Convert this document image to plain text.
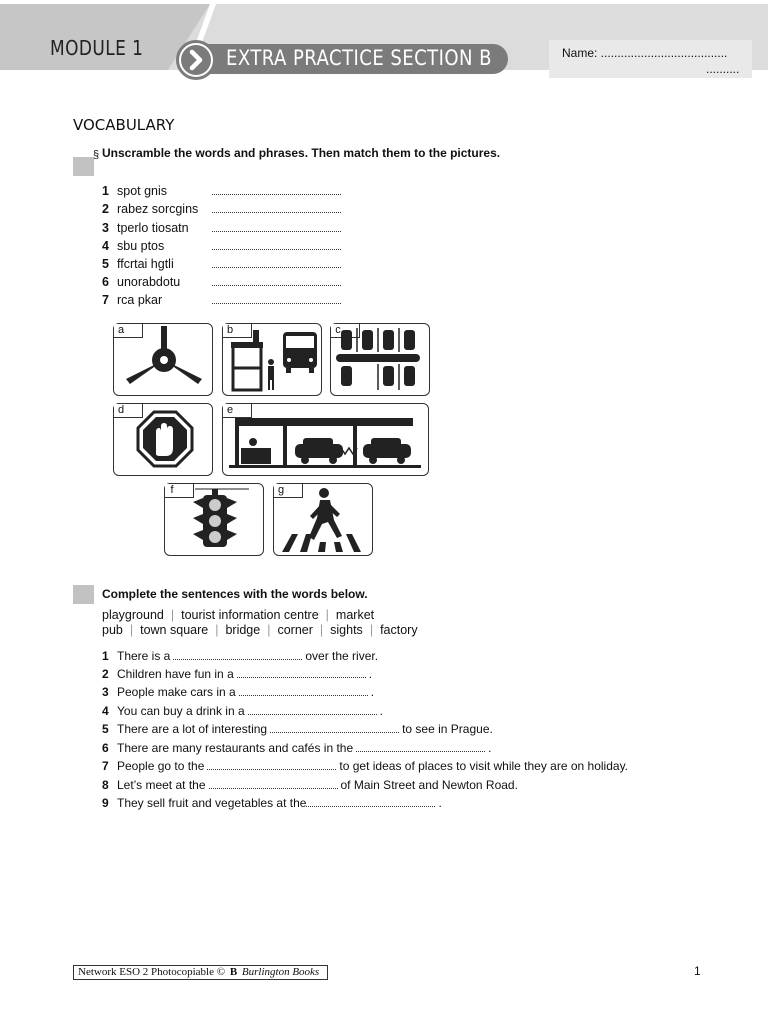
MODULE 1	EXTRA PRACTICE SECTION B	Name: ......................................
..........
VOCABULARY
§ Unscramble the words and phrases. Then match them to the pictures.
1 spot gnis
2 rabez sorcgins
3 tperlo tiosatn
4 sbu ptos
5 ffcrtai hgtli
6 unorabdotu
7 rca pkar
a	b	c
d	e
f	g
Complete the sentences with the words below.
playground | tourist information centre | market
pub | town square | bridge | corner | sights | factory
1 There is a	over the river.
2 Children have fun in a	.
3 People make cars in a	.
4 You can buy a drink in a	.
5 There are a lot of interesting	to see in Prague.
6 There are many restaurants and cafés in the	.
7 People go to the	to get ideas of places to visit while they are on holiday.
8 Let’s meet at the	of Main Street and Newton Road.
9 They sell fruit and vegetables at the	.
Network ESO 2 Photocopiable © B Burlington Books	1
